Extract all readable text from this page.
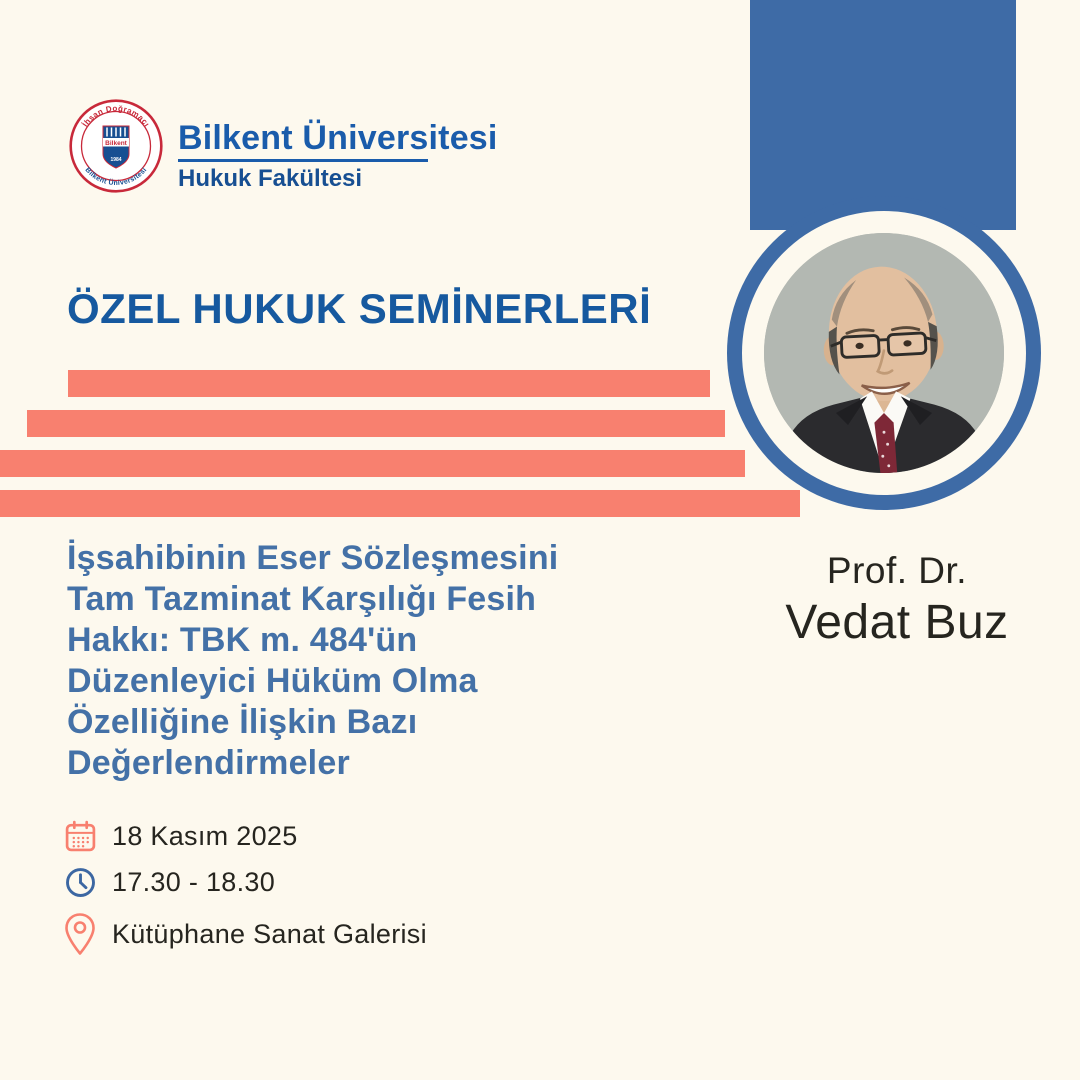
İhsan Doğramacı
Bilkent Üniversitesi
Bilkent
1984
Bilkent Üniversitesi
Hukuk Fakültesi
ÖZEL HUKUK SEMİNERLERİ
İşsahibinin Eser Sözleşmesini
Tam Tazminat Karşılığı Fesih
Hakkı: TBK m. 484'ün
Düzenleyici Hüküm Olma
Özelliğine İlişkin Bazı
Değerlendirmeler
Prof. Dr.
Vedat Buz
18 Kasım 2025
17.30 - 18.30
Kütüphane Sanat Galerisi
